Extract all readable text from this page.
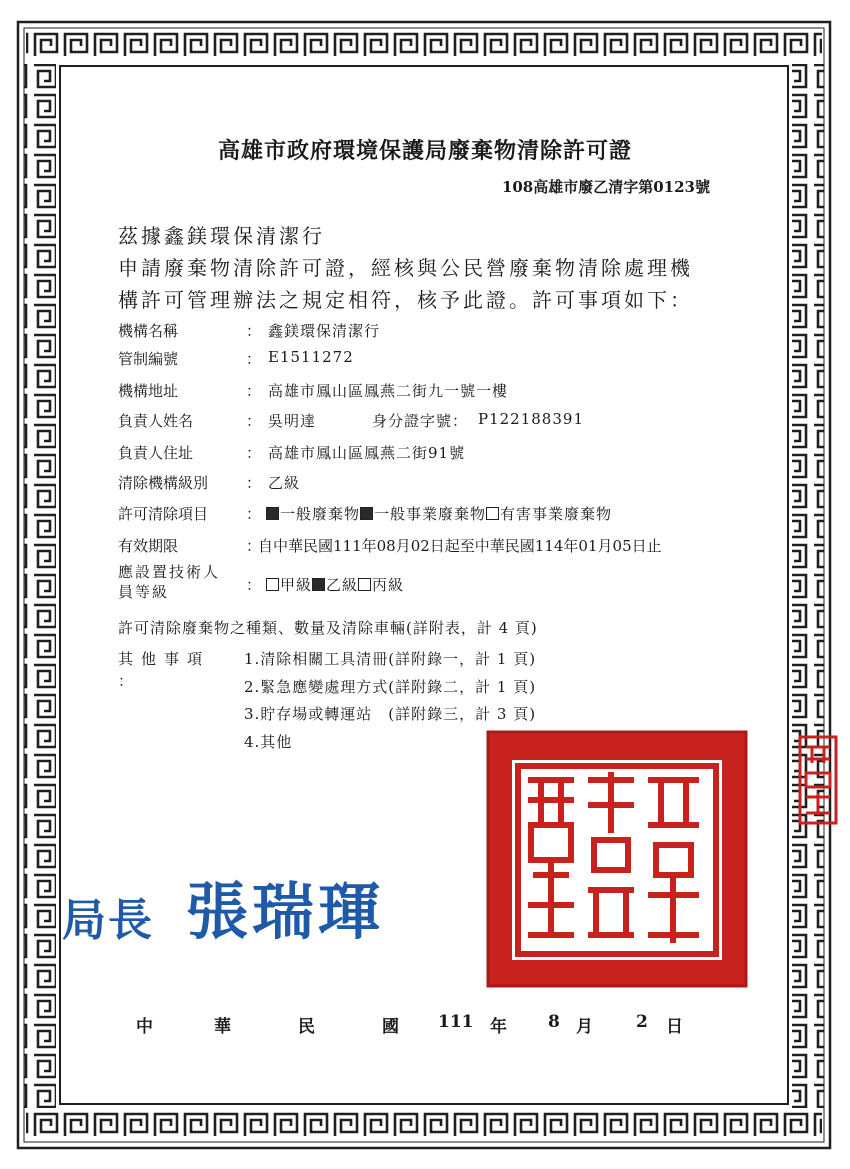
高雄市政府環境保護局廢棄物清除許可證
108高雄市廢乙清字第0123號
茲據鑫鎂環保清潔行
申請廢棄物清除許可證，經核與公民營廢棄物清除處理機
構許可管理辦法之規定相符，核予此證。許可事項如下：
機構名稱	： 鑫鎂環保清潔行
管制編號	： E1511272
機構地址	： 高雄市鳳山區鳳燕二街九一號一樓
負責人姓名	： 吳明達	身分證字號： P122188391
負責人住址	： 高雄市鳳山區鳳燕二街91號
清除機構級別	： 乙級
許可清除項目	：	一般廢棄物 一般事業廢棄物 有害事業廢棄物
有效期限	：
自中華民國111年08月02日起至中華民國114年01月05日止
應設置技術人員等級	：	甲級 乙級 丙級
許可清除廢棄物之種類、數量及清除車輛(詳附表，計 4 頁)
其他事項
：
1.清除相關工具清冊(詳附錄一，計 1 頁)
2.緊急應變處理方式(詳附錄二，計 1 頁)
3.貯存場或轉運站　(詳附錄三，計 3 頁)
4.其他
局長 張瑞琿
中	華	民	國 111 年 8 月	2 日
